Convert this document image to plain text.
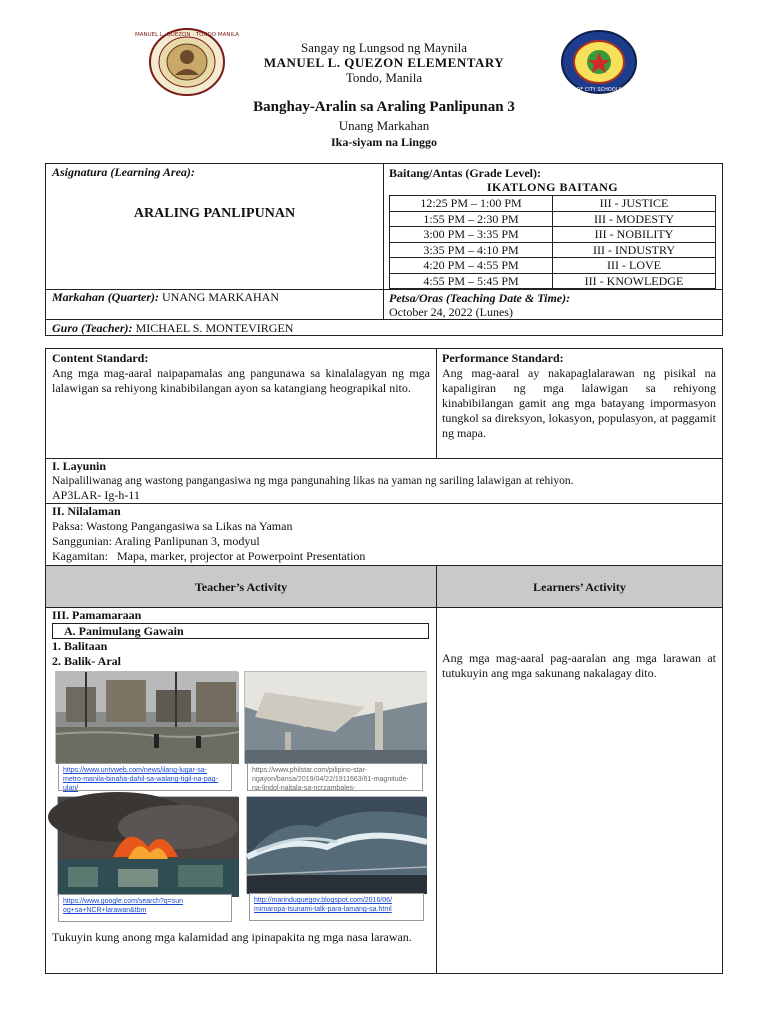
MANUEL L. QUEZON · TONDO MANILA
DIVISION OF CITY SCHOOLS · MANILA
Sangay ng Lungsod ng Maynila
MANUEL L. QUEZON ELEMENTARY
Tondo, Manila
Banghay-Aralin sa Araling Panlipunan 3
Unang Markahan
Ika-siyam na Linggo
Asignatura (Learning Area):
ARALING PANLIPUNAN
Baitang/Antas (Grade Level):
IKATLONG BAITANG
12:25 PM – 1:00 PM	III - JUSTICE
1:55 PM – 2:30 PM	III - MODESTY
3:00 PM – 3:35 PM	III - NOBILITY
3:35 PM – 4:10 PM	III - INDUSTRY
4:20 PM – 4:55 PM	III - LOVE
4:55 PM – 5:45 PM	III - KNOWLEDGE
Markahan (Quarter): UNANG MARKAHAN	Petsa/Oras (Teaching Date & Time):
October 24, 2022 (Lunes)
Guro (Teacher): MICHAEL S. MONTEVIRGEN
Content Standard:
Ang mga mag-aaral naipapamalas ang pangunawa sa kinalalagyan ng mga lalawigan sa rehiyong kinabibilangan ayon sa katangiang heograpikal nito.
Performance Standard:
Ang mag-aaral ay nakapaglalarawan ng pisikal na kapaligiran ng mga lalawigan sa rehiyong kinabibilangan gamit ang mga batayang impormasyon tungkol sa direksyon, lokasyon, populasyon, at paggamit ng mapa.
I. Layunin
Naipaliliwanag ang wastong pangangasiwa ng mga pangunahing likas na yaman ng sariling lalawigan at rehiyon.
AP3LAR- Ig-h-11
II. Nilalaman
Paksa: Wastong Pangangasiwa sa Likas na Yaman
Sanggunian: Araling Panlipunan 3, modyul
Kagamitan:   Mapa, marker, projector at Powerpoint Presentation
Teacher’s Activity	Learners’ Activity
III. Pamamaraan
A. Panimulang Gawain
1. Balitaan
2. Balik- Aral
https://www.untvweb.com/news/ilang-lugar-sa-metro-manila-binaha-dahil-sa-walang-tigil-na-pag-ulan/
https://www.philstar.com/pilipino-star-ngayon/bansa/2019/04/22/1911663/61-magnitude-na-lindol-naitala-sa-ncrzambales-
https://www.google.com/search?q=sun og+sa+NCR+larawan&tbm
http://marinduquegov.blogspot.com/2016/06/ mimaropa-tsunami-talk-para-lamang-sa.html
Tukuyin kung anong mga kalamidad ang ipinapakita ng mga nasa larawan.
Ang mga mag-aaral pag-aaralan ang mga larawan at tutukuyin ang mga sakunang nakalagay dito.
